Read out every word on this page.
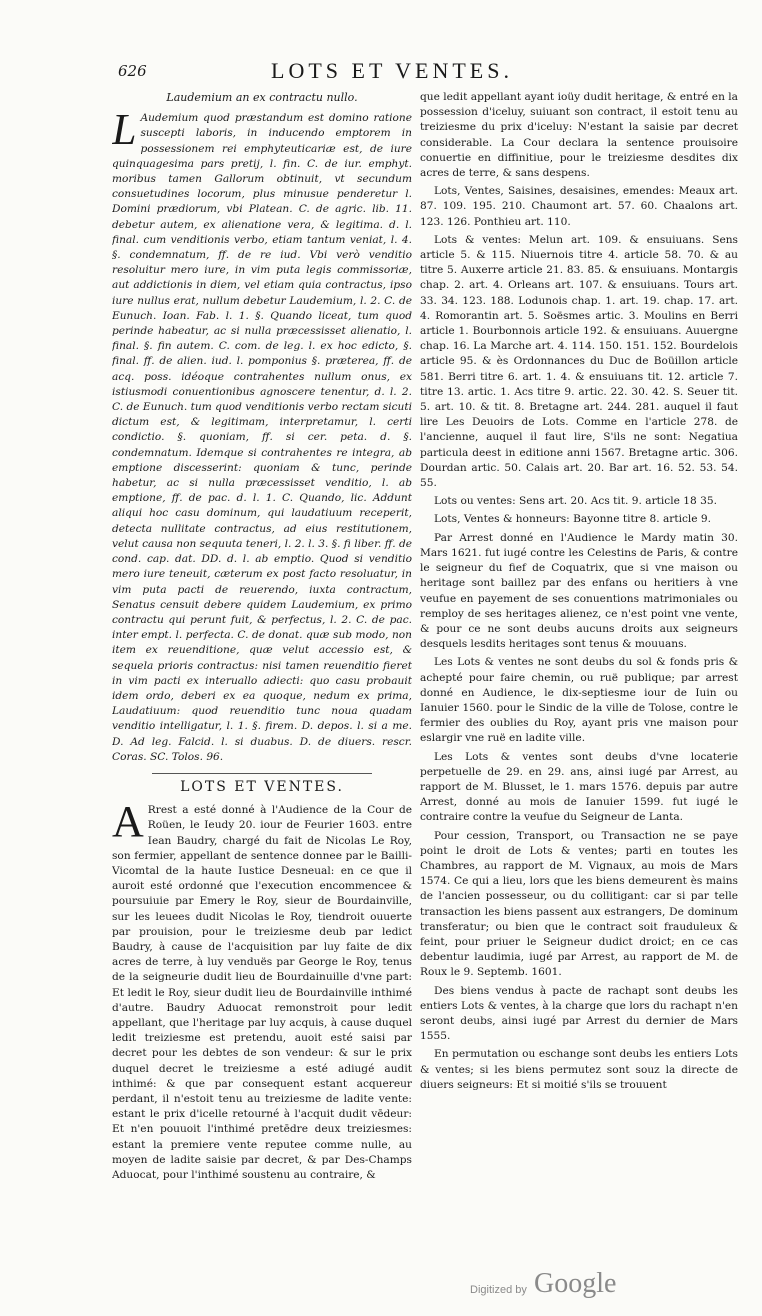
626	LOTS ET VENTES.
Laudemium an ex contractu nullo.

L Audemium quod præstandum est domino ratione suscepti laboris, in inducendo emptorem in possessionem rei emphyteuticariæ est, de iure quinquagesima pars pretij, l. fin. C. de iur. emphyt. moribus tamen Gallorum obtinuit, vt secundum consuetudines locorum, plus minusue penderetur l. Domini prædiorum, vbi Platean. C. de agric. lib. 11. debetur autem, ex alienatione vera, & legitima. d. l. final. cum venditionis verbo, etiam tantum veniat, l. 4. §. condemnatum, ff. de re iud. Vbi verò venditio resoluitur mero iure, in vim puta legis commissoriæ, aut addictionis in diem, vel etiam quia contractus, ipso iure nullus erat, nullum debetur Laudemium, l. 2. C. de Eunuch. Ioan. Fab. l. 1. §. Quando liceat, tum quod perinde habeatur, ac si nulla præcessisset alienatio, l. final. §. fin autem. C. com. de leg. l. ex hoc edicto, §. final. ff. de alien. iud. l. pomponius §. præterea, ff. de acq. poss. idéoque contrahentes nullum onus, ex istiusmodi conuentionibus agnoscere tenentur, d. l. 2. C. de Eunuch. tum quod venditionis verbo rectam sicuti dictum est, & legitimam, interpretamur, l. certi condictio. §. quoniam, ff. si cer. peta. d. §. condemnatum. Idemque si contrahentes re integra, ab emptione discesserint: quoniam & tunc, perinde habetur, ac si nulla præcessisset venditio, l. ab emptione, ff. de pac. d. l. 1. C. Quando, lic. Addunt aliqui hoc casu dominum, qui laudatiuum receperit, detecta nullitate contractus, ad eius restitutionem, velut causa non sequuta teneri, l. 2. l. 3. §. fi liber. ff. de cond. cap. dat. DD. d. l. ab emptio. Quod si venditio mero iure teneuit, cæterum ex post facto resoluatur, in vim puta pacti de reuerendo, iuxta contractum, Senatus censuit debere quidem Laudemium, ex primo contractu qui perunt fuit, & perfectus, l. 2. C. de pac. inter empt. l. perfecta. C. de donat. quæ sub modo, non item ex reuenditione, quæ velut accessio est, & sequela prioris contractus: nisi tamen reuenditio fieret in vim pacti ex interuallo adiecti: quo casu probauit idem ordo, deberi ex ea quoque, nedum ex prima, Laudatiuum: quod reuenditio tunc noua quadam venditio intelligatur, l. 1. §. firem. D. depos. l. si a me. D. Ad leg. Falcid. l. si duabus. D. de diuers. rescr. Coras. SC. Tolos. 96.

LOTS ET VENTES.

A Rrest a esté donné à l'Audience de la Cour de Roüen, le Ieudy 20. iour de Feurier 1603. entre Iean Baudry, chargé du fait de Nicolas Le Roy, son fermier, appellant de sentence donnee par le Bailli-Vicomtal de la haute Iustice Desneual: en ce que il auroit esté ordonné que l'execution encommencee & poursuiuie par Emery le Roy, sieur de Bourdainville, sur les leuees dudit Nicolas le Roy, tiendroit ouuerte par prouision, pour le treiziesme deub par ledict Baudry, à cause de l'acquisition par luy faite de dix acres de terre, à luy venduës par George le Roy, tenus de la seigneurie dudit lieu de Bourdainuille d'vne part: Et ledit le Roy, sieur dudit lieu de Bourdainville inthimé d'autre. Baudry Aduocat remonstroit pour ledit appellant, que l'heritage par luy acquis, à cause duquel ledit treiziesme est pretendu, auoit esté saisi par decret pour les debtes de son vendeur: & sur le prix duquel decret le treiziesme a esté adiugé audit inthimé: & que par consequent estant acquereur perdant, il n'estoit tenu au treiziesme de ladite vente: estant le prix d'icelle retourné à l'acquit dudit vēdeur: Et n'en pouuoit l'inthimé pretēdre deux treiziesmes: estant la premiere vente reputee comme nulle, au moyen de ladite saisie par decret, & par Des-Champs Aduocat, pour l'inthimé soustenu au contraire, &

que ledit appellant ayant ioüy dudit heritage, & entré en la possession d'iceluy, suiuant son contract, il estoit tenu au treiziesme du prix d'iceluy: N'estant la saisie par decret considerable. La Cour declara la sentence prouisoire conuertie en diffinitiue, pour le treiziesme desdites dix acres de terre, & sans despens.

Lots, Ventes, Saisines, desaisines, emendes: Meaux art. 87. 109. 195. 210. Chaumont art. 57. 60. Chaalons art. 123. 126. Ponthieu art. 110.

Lots & ventes: Melun art. 109. & ensuiuans. Sens article 5. & 115. Niuernois titre 4. article 58. 70. & au titre 5. Auxerre article 21. 83. 85. & ensuiuans. Montargis chap. 2. art. 4. Orleans art. 107. & ensuiuans. Tours art. 33. 34. 123. 188. Lodunois chap. 1. art. 19. chap. 17. art. 4. Romorantin art. 5. Soësmes artic. 3. Moulins en Berri article 1. Bourbonnois article 192. & ensuiuans. Auuergne chap. 16. La Marche art. 4. 114. 150. 151. 152. Bourdelois article 95. & ès Ordonnances du Duc de Boüillon article 581. Berri titre 6. art. 1. 4. & ensuiuans tit. 12. article 7. titre 13. artic. 1. Acs titre 9. artic. 22. 30. 42. S. Seuer tit. 5. art. 10. & tit. 8. Bretagne art. 244. 281. auquel il faut lire Les Deuoirs de Lots. Comme en l'article 278. de l'ancienne, auquel il faut lire, S'ils ne sont: Negatiua particula deest in editione anni 1567. Bretagne artic. 306. Dourdan artic. 50. Calais art. 20. Bar art. 16. 52. 53. 54. 55.

Lots ou ventes: Sens art. 20. Acs tit. 9. article 18 35.

Lots, Ventes & honneurs: Bayonne titre 8. article 9.

Par Arrest donné en l'Audience le Mardy matin 30. Mars 1621. fut iugé contre les Celestins de Paris, & contre le seigneur du fief de Coquatrix, que si vne maison ou heritage sont baillez par des enfans ou heritiers à vne veufue en payement de ses conuentions matrimoniales ou remploy de ses heritages alienez, ce n'est point vne vente, & pour ce ne sont deubs aucuns droits aux seigneurs desquels lesdits heritages sont tenus & mouuans.

Les Lots & ventes ne sont deubs du sol & fonds pris & achepté pour faire chemin, ou ruë publique; par arrest donné en Audience, le dix-septiesme iour de Iuin ou Ianuier 1560. pour le Sindic de la ville de Tolose, contre le fermier des oublies du Roy, ayant pris vne maison pour eslargir vne ruë en ladite ville.

Les Lots & ventes sont deubs d'vne locaterie perpetuelle de 29. en 29. ans, ainsi iugé par Arrest, au rapport de M. Blusset, le 1. mars 1576. depuis par autre Arrest, donné au mois de Ianuier 1599. fut iugé le contraire contre la veufue du Seigneur de Lanta.

Pour cession, Transport, ou Transaction ne se paye point le droit de Lots & ventes; parti en toutes les Chambres, au rapport de M. Vignaux, au mois de Mars 1574. Ce qui a lieu, lors que les biens demeurent ès mains de l'ancien possesseur, ou du collitigant: car si par telle transaction les biens passent aux estrangers, De dominum transferatur; ou bien que le contract soit frauduleux & feint, pour priuer le Seigneur dudict droict; en ce cas debentur laudimia, iugé par Arrest, au rapport de M. de Roux le 9. Septemb. 1601.

Des biens vendus à pacte de rachapt sont deubs les entiers Lots & ventes, à la charge que lors du rachapt n'en seront deubs, ainsi iugé par Arrest du dernier de Mars 1555.

En permutation ou eschange sont deubs les entiers Lots & ventes; si les biens permutez sont souz la directe de diuers seigneurs: Et si moitié s'ils se trouuent

Digitized by Google
